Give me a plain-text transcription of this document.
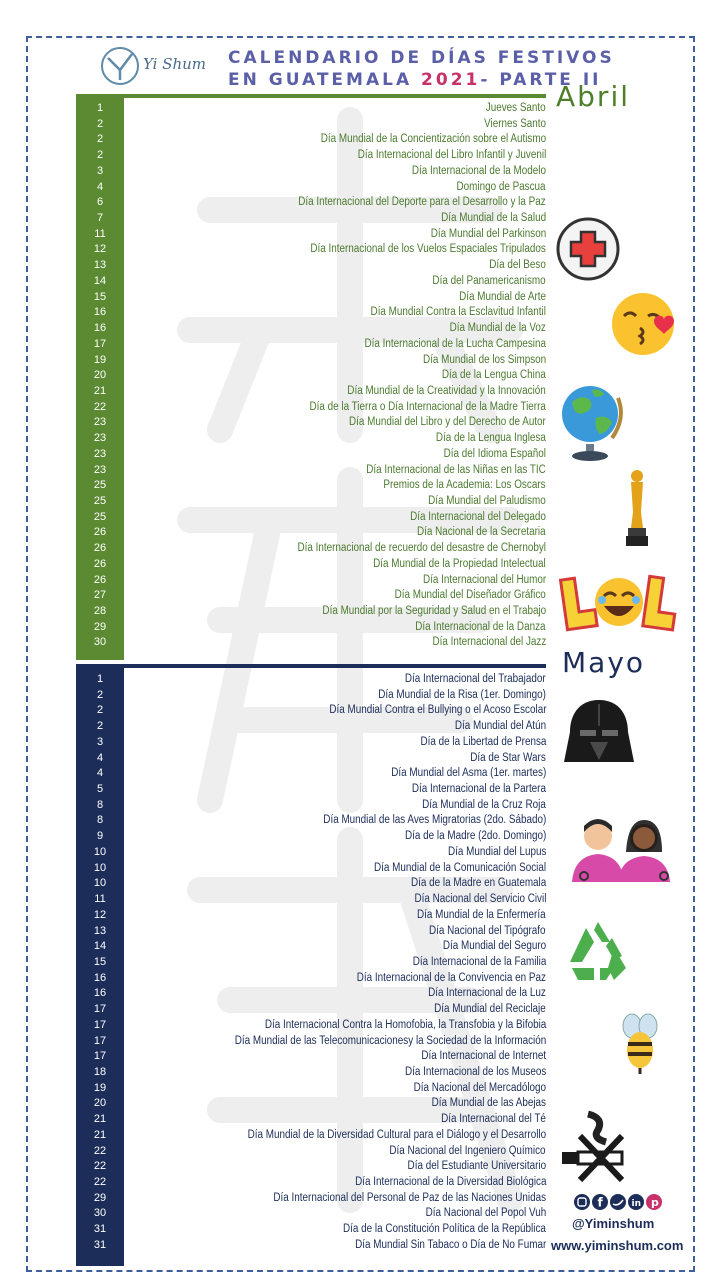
Yi Shum CALENDARIO DE DÍAS FESTIVOS
EN GUATEMALA 2021- PARTE II
Abril
1	Jueves Santo
2	Viernes Santo
2	Día Mundial de la Concientización sobre el Autismo
2	Día Internacional del Libro Infantil y Juvenil
3	Día Internacional de la Modelo
4	Domingo de Pascua
6	Día Internacional del Deporte para el Desarrollo y la Paz
7	Día Mundial de la Salud
11	Día Mundial del Parkinson
12	Día Internacional de los Vuelos Espaciales Tripulados
13	Día del Beso
14	Día del Panamericanismo
15	Día Mundial de Arte
16	Día Mundial Contra la Esclavitud Infantil
16	Día Mundial de la Voz
17	Día Internacional de la Lucha Campesina
19	Día Mundial de los Simpson
20	Día de la Lengua China
21	Día Mundial de la Creatividad y la Innovación
22	Día de la Tierra o Día Internacional de la Madre Tierra
23	Día Mundial del Libro y del Derecho de Autor
23	Día de la Lengua Inglesa
23	Día del Idioma Español
23	Día Internacional de las Niñas en las TIC
25	Premios de la Academia: Los Oscars
25	Día Mundial del Paludismo
25	Día Internacional del Delegado
26	Día Nacional de la Secretaria
26	Día Internacional de recuerdo del desastre de Chernobyl
26	Día Mundial de la Propiedad Intelectual
26	Día Internacional del Humor
27	Día Mundial del Diseñador Gráfico
28	Día Mundial por la Seguridad y Salud en el Trabajo
29	Día Internacional de la Danza
30	Día Internacional del Jazz
Mayo
1	Día Internacional del Trabajador
2	Día Mundial de la Risa (1er. Domingo)
2	Día Mundial Contra el Bullying o el Acoso Escolar
2	Día Mundial del Atún
3	Día de la Libertad de Prensa
4	Día de Star Wars
4	Día Mundial del Asma (1er. martes)
5	Día Internacional de la Partera
8	Día Mundial de la Cruz Roja
8	Día Mundial de las Aves Migratorias (2do. Sábado)
9	Día de la Madre (2do. Domingo)
10	Día Mundial del Lupus
10	Día Mundial de la Comunicación Social
10	Día de la Madre en Guatemala
11	Día Nacional del Servicio Civil
12	Día Mundial de la Enfermería
13	Día Nacional del Tipógrafo
14	Día Mundial del Seguro
15	Día Internacional de la Familia
16	Día Internacional de la Convivencia en Paz
16	Día Internacional de la Luz
17	Día Mundial del Reciclaje
17	Día Internacional Contra la Homofobia, la Transfobia y la Bifobia
17	Día Mundial de las Telecomunicacionesy la Sociedad de la Información
17	Día Internacional de Internet
18	Día Internacional de los Museos
19	Día Nacional del Mercadólogo
20	Día Mundial de las Abejas
21	Día Internacional del Té
21	Día Mundial de la Diversidad Cultural para el Diálogo y el Desarrollo
22	Día Nacional del Ingeniero Químico
22	Día del Estudiante Universitario
22	Día Internacional de la Diversidad Biológica
29	Día Internacional del Personal de Paz de las Naciones Unidas
30	Día Nacional del Popol Vuh
31	Día de la Constitución Política de la República
31	Día Mundial Sin Tabaco o Día de No Fumar
f	in p
@Yiminshum
www.yiminshum.com
